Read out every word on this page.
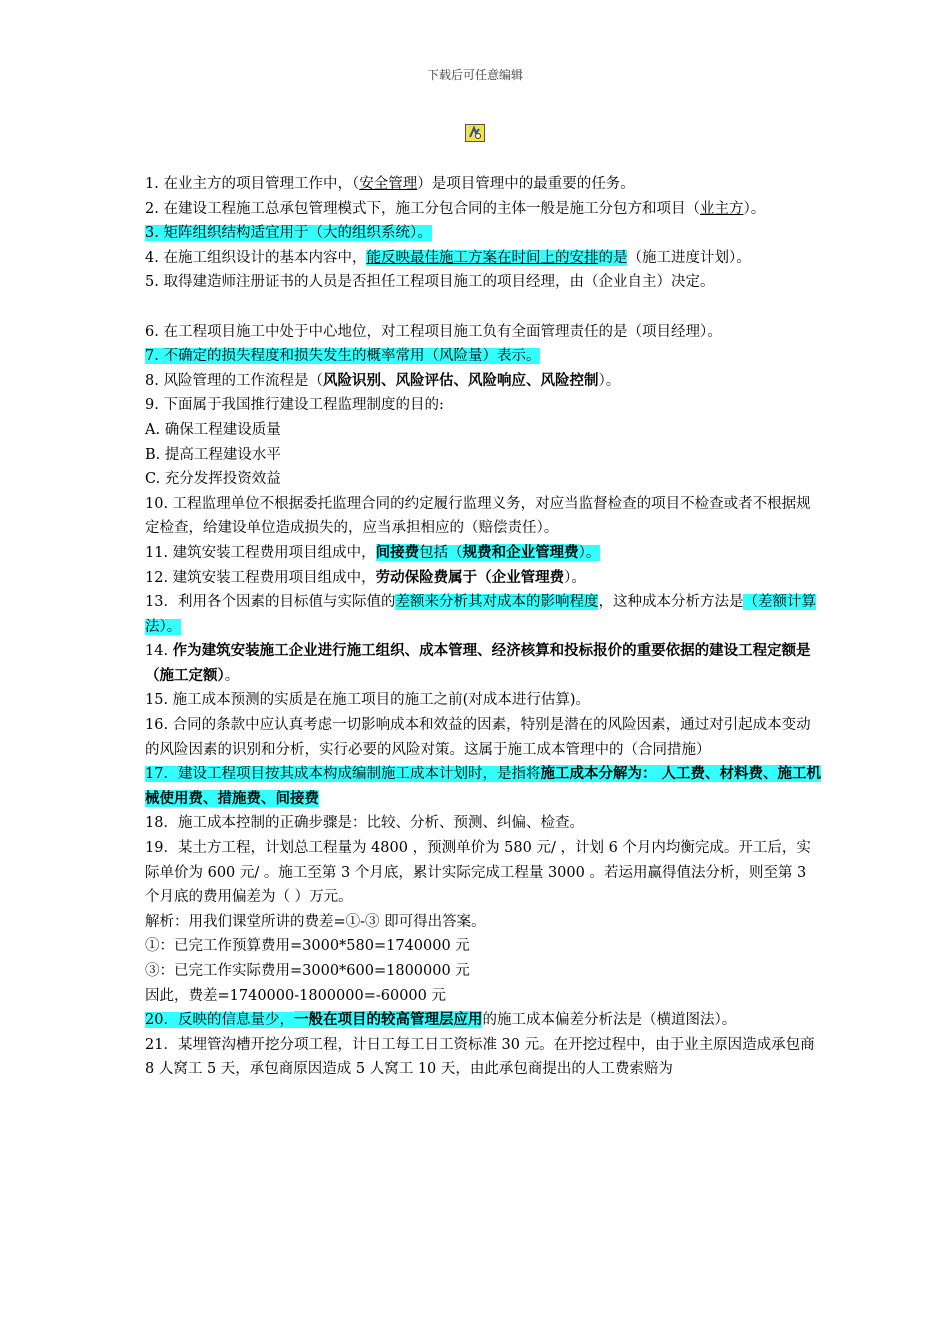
下载后可任意编辑

1. 在业主方的项目管理工作中，（安全管理）是项目管理中的最重要的任务。

2. 在建设工程施工总承包管理模式下，施工分包合同的主体一般是施工分包方和项目（业主方）。

3. 矩阵组织结构适宜用于（大的组织系统）。

4. 在施工组织设计的基本内容中，能反映最佳施工方案在时间上的安排的是（施工进度计划）。

5. 取得建造师注册证书的人员是否担任工程项目施工的项目经理，由（企业自主）决定。

6. 在工程项目施工中处于中心地位，对工程项目施工负有全面管理责任的是（项目经理）。

7. 不确定的损失程度和损失发生的概率常用（风险量）表示。

8. 风险管理的工作流程是（风险识别、风险评估、风险响应、风险控制）。

9. 下面属于我国推行建设工程监理制度的目的:

A. 确保工程建设质量

B. 提高工程建设水平

C. 充分发挥投资效益

10. 工程监理单位不根据委托监理合同的约定履行监理义务，对应当监督检查的项目不检查或者不根据规定检查，给建设单位造成损失的，应当承担相应的（赔偿责任）。

11. 建筑安装工程费用项目组成中，间接费包括（规费和企业管理费）。

12. 建筑安装工程费用项目组成中，劳动保险费属于（企业管理费）。

13．利用各个因素的目标值与实际值的差额来分析其对成本的影响程度，这种成本分析方法是（差额计算法）。

14. 作为建筑安装施工企业进行施工组织、成本管理、经济核算和投标报价的重要依据的建设工程定额是（施工定额）。

15. 施工成本预测的实质是在施工项目的施工之前(对成本进行估算)。

16. 合同的条款中应认真考虑一切影响成本和效益的因素，特别是潜在的风险因素，通过对引起成本变动的风险因素的识别和分析，实行必要的风险对策。这属于施工成本管理中的（合同措施）

17．建设工程项目按其成本构成编制施工成本计划时，是指将施工成本分解为： 人工费、材料费、施工机械使用费、措施费、间接费

18．施工成本控制的正确步骤是：比较、分析、预测、纠偏、检查。

19．某土方工程，计划总工程量为 4800 ，预测单价为 580 元/ ，计划 6 个月内均衡完成。开工后，实际单价为 600 元/ 。施工至第 3 个月底，累计实际完成工程量 3000 。若运用赢得值法分析，则至第 3 个月底的费用偏差为（ ）万元。

解析：用我们课堂所讲的费差=①-③ 即可得出答案。

①：已完工作预算费用=3000*580=1740000 元

③：已完工作实际费用=3000*600=1800000 元

因此，费差=1740000-1800000=-60000 元

20．反映的信息量少，一般在项目的较高管理层应用的施工成本偏差分析法是（横道图法）。

21．某埋管沟槽开挖分项工程，计日工每工日工资标准 30 元。在开挖过程中，由于业主原因造成承包商 8 人窝工 5 天，承包商原因造成 5 人窝工 10 天，由此承包商提出的人工费索赔为
